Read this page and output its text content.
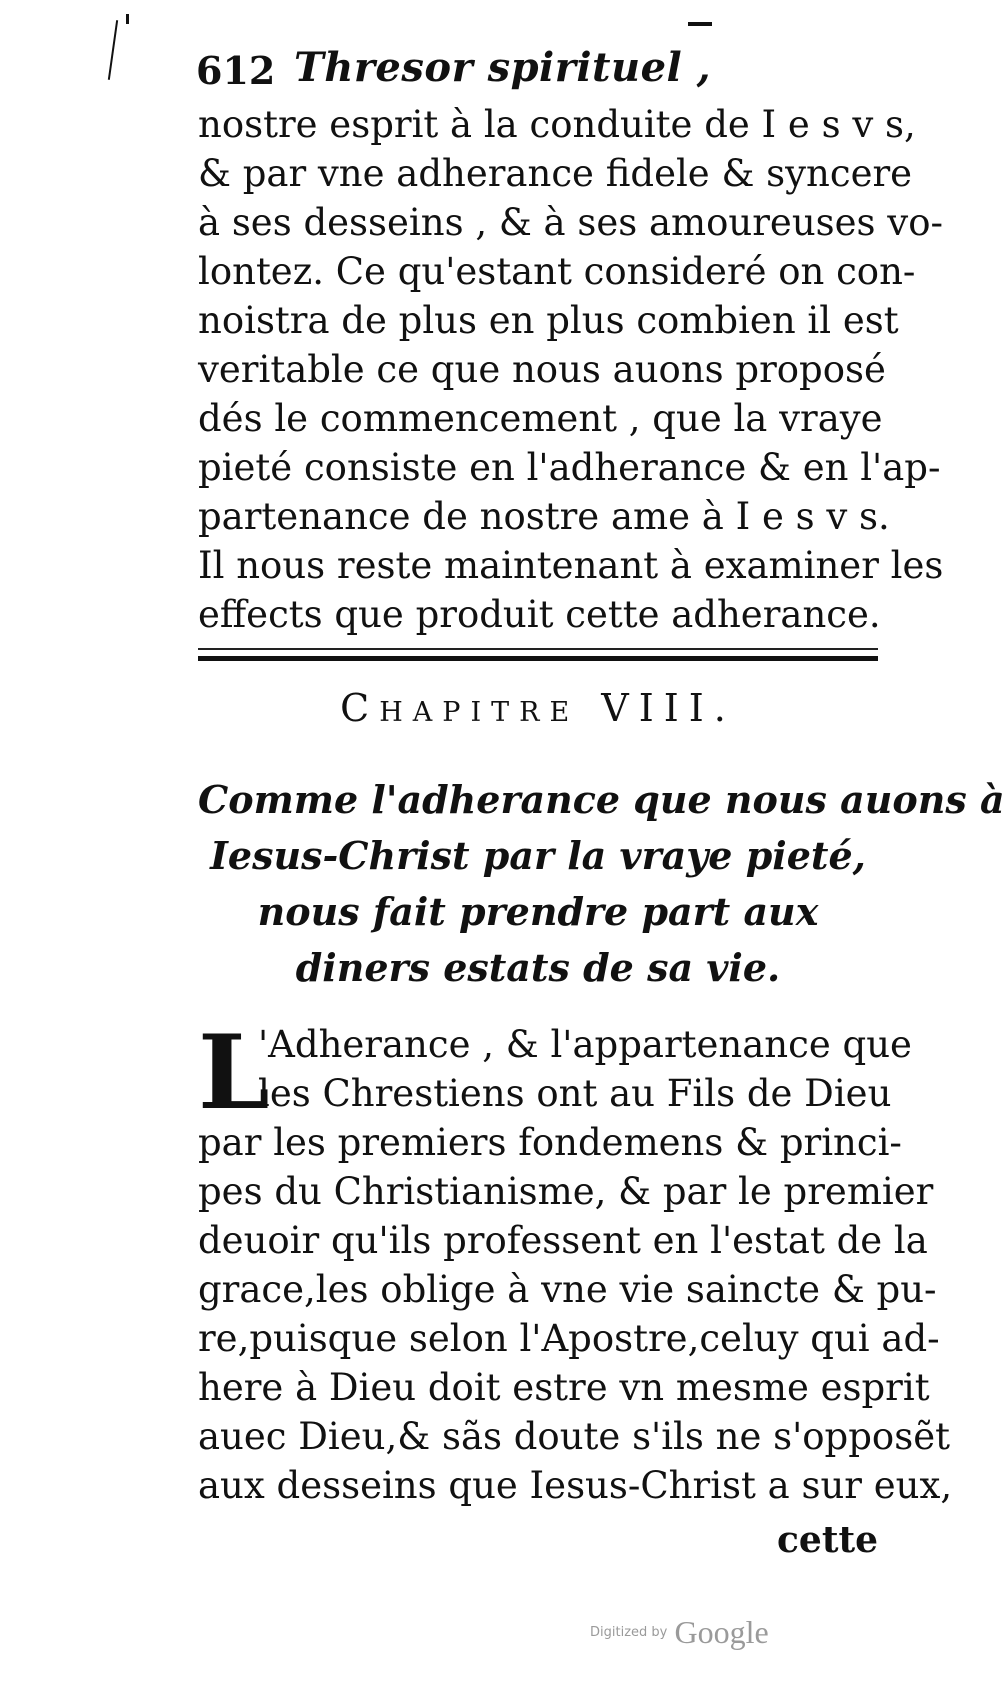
612 Thresor spirituel ,
nostre esprit à la conduite de I e s v s,
& par vne adherance fidele & syncere
à ses desseins , & à ses amoureuses vo-
lontez. Ce qu'estant consideré on con-
noistra de plus en plus combien il est
veritable ce que nous auons proposé
dés le commencement , que la vraye
pieté consiste en l'adherance & en l'ap-
partenance de nostre ame à I e s v s.
Il nous reste maintenant à examiner les
effects que produit cette adherance.
Chapitre VIII.
Comme l'adherance que nous auons à
Iesus-Christ par la vraye pieté,
nous fait prendre part aux
diners estats de sa vie.
L
'Adherance , & l'appartenance que
les Chrestiens ont au Fils de Dieu
par les premiers fondemens & princi-
pes du Christianisme, & par le premier
deuoir qu'ils professent en l'estat de la
grace,les oblige à vne vie saincte & pu-
re,puisque selon l'Apostre,celuy qui ad-
here à Dieu doit estre vn mesme esprit
auec Dieu,& sãs doute s'ils ne s'opposẽt
aux desseins que Iesus-Christ a sur eux,
cette
Digitized by Google
